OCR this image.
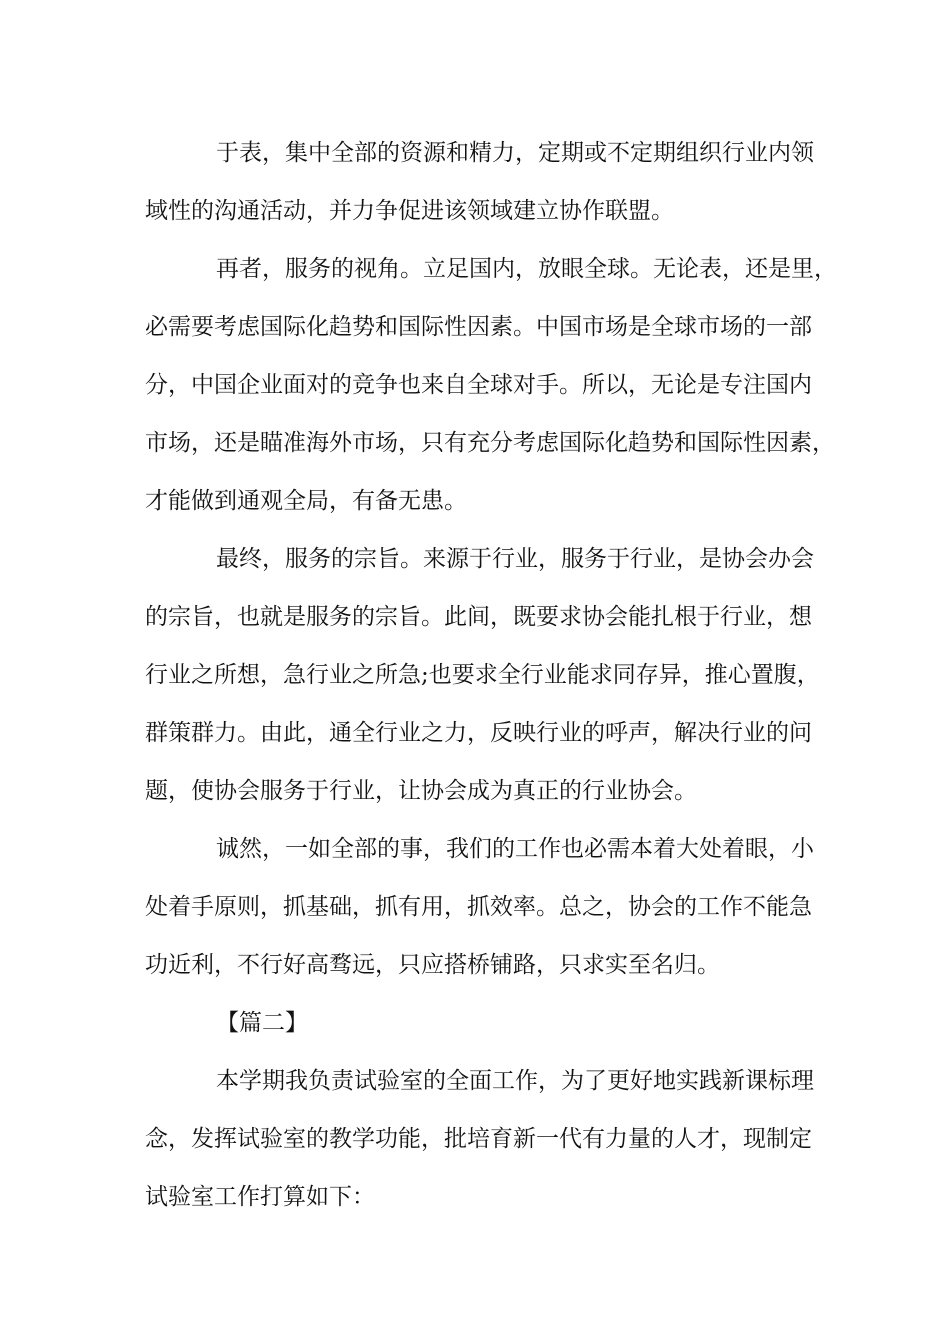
于表，集中全部的资源和精力，定期或不定期组织行业内领
域性的沟通活动，并力争促进该领域建立协作联盟。
再者，服务的视角。立足国内，放眼全球。无论表，还是里，
必需要考虑国际化趋势和国际性因素。中国市场是全球市场的一部
分，中国企业面对的竞争也来自全球对手。所以，无论是专注国内
市场，还是瞄准海外市场，只有充分考虑国际化趋势和国际性因素，
才能做到通观全局，有备无患。
最终，服务的宗旨。来源于行业，服务于行业，是协会办会
的宗旨，也就是服务的宗旨。此间，既要求协会能扎根于行业，想
行业之所想，急行业之所急;也要求全行业能求同存异，推心置腹，
群策群力。由此，通全行业之力，反映行业的呼声，解决行业的问
题，使协会服务于行业，让协会成为真正的行业协会。
诚然，一如全部的事，我们的工作也必需本着大处着眼，小
处着手原则，抓基础，抓有用，抓效率。总之，协会的工作不能急
功近利，不行好高骛远，只应搭桥铺路，只求实至名归。
【篇二】
本学期我负责试验室的全面工作，为了更好地实践新课标理
念，发挥试验室的教学功能，批培育新一代有力量的人才，现制定
试验室工作打算如下：
